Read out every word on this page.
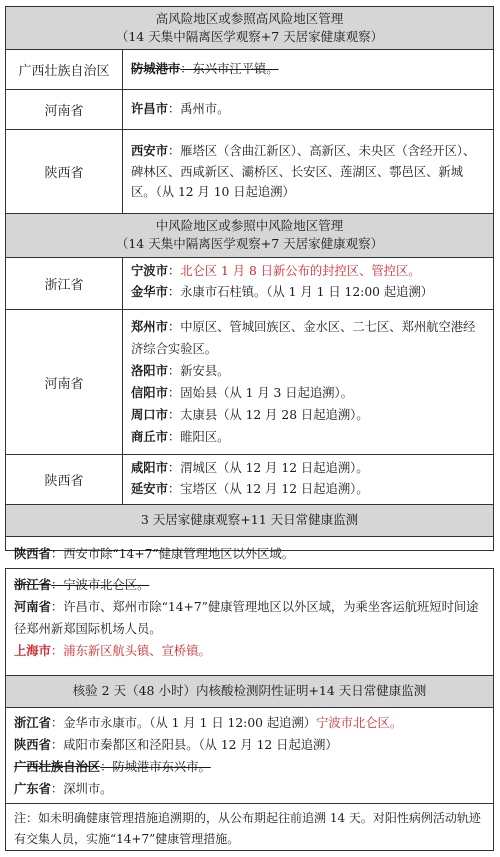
高风险地区或参照高风险地区管理
（14 天集中隔离医学观察+7 天居家健康观察）
广西壮族自治区	防城港市：东兴市江平镇。
河南省	许昌市：禹州市。
陕西省
西安市：雁塔区（含曲江新区）、高新区、未央区（含经开区）、碑林区、西咸新区、灞桥区、长安区、莲湖区、鄠邑区、新城区。（从 12 月 10 日起追溯）
中风险地区或参照中风险地区管理
（14 天集中隔离医学观察+7 天居家健康观察）
浙江省
宁波市：北仑区 1 月 8 日新公布的封控区、管控区。
金华市：永康市石柱镇。（从 1 月 1 日 12:00 起追溯）
河南省
郑州市：中原区、管城回族区、金水区、二七区、郑州航空港经济综合实验区。
洛阳市：新安县。
信阳市：固始县（从 1 月 3 日起追溯）。
周口市：太康县（从 12 月 28 日起追溯）。
商丘市：睢阳区。
陕西省
咸阳市：渭城区（从 12 月 12 日起追溯）。
延安市：宝塔区（从 12 月 12 日起追溯）。
3 天居家健康观察+11 天日常健康监测
陕西省：西安市除“14+7”健康管理地区以外区域。
浙江省：宁波市北仑区。
河南省：许昌市、郑州市除“14+7”健康管理地区以外区域，为乘坐客运航班短时间途径郑州新郑国际机场人员。
上海市：浦东新区航头镇、宣桥镇。
核验 2 天（48 小时）内核酸检测阴性证明+14 天日常健康监测
浙江省：金华市永康市。（从 1 月 1 日 12:00 起追溯）宁波市北仑区。
陕西省：咸阳市秦都区和泾阳县。（从 12 月 12 日起追溯）
广西壮族自治区：防城港市东兴市。
广东省：深圳市。
注：如未明确健康管理措施追溯期的，从公布期起往前追溯 14 天。对阳性病例活动轨迹有交集人员，实施“14+7”健康管理措施。
